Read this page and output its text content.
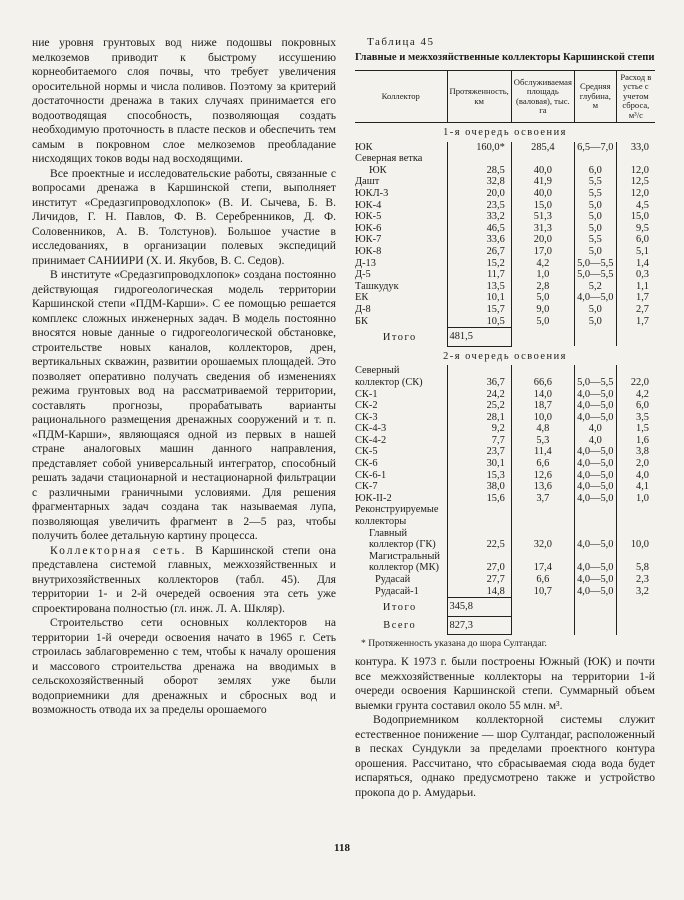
ние уровня грунтовых вод ниже подошвы покровных мелкоземов приводит к быстрому иссушению корнеобитаемого слоя почвы, что требует увеличения оросительной нормы и числа поливов. Поэтому за критерий достаточности дренажа в таких случаях принимается его водоотводящая способность, позволяющая создать необходимую проточность в пласте песков и обеспечить тем самым в покровном слое мелкоземов преобладание нисходящих токов воды над восходящими.

Все проектные и исследовательские работы, связанные с вопросами дренажа в Каршинской степи, выполняет институт «Средазгипроводхлопок» (В. И. Сычева, Б. В. Личидов, Г. Н. Павлов, Ф. В. Серебренников, Д. Ф. Соловенников, А. В. Толстунов). Большое участие в исследованиях, в организации полевых экспедиций принимает САНИИРИ (Х. И. Якубов, В. С. Седов).

В институте «Средазгипроводхлопок» создана постоянно действующая гидрогеологическая модель территории Каршинской степи «ПДМ-Карши». С ее помощью решается комплекс сложных инженерных задач. В модель постоянно вносятся новые данные о гидрогеологической обстановке, строительстве новых каналов, коллекторов, дрен, вертикальных скважин, развитии орошаемых площадей. Это позволяет оперативно получать сведения об изменениях режима грунтовых вод на рассматриваемой территории, составлять прогнозы, прорабатывать варианты рационального размещения дренажных сооружений и т. п. «ПДМ-Карши», являющаяся одной из первых в нашей стране аналоговых машин данного направления, представляет собой универсальный интегратор, способный решать задачи стационарной и нестационарной фильтрации с различными граничными условиями. Для решения фрагментарных задач создана так называемая лупа, позволяющая увеличить фрагмент в 2—5 раз, чтобы получить более детальную картину процесса.

Коллекторная сеть. В Каршинской степи она представлена системой главных, межхозяйственных и внутрихозяйственных коллекторов (табл. 45). Для территории 1- и 2-й очередей освоения эта сеть уже спроектирована полностью (гл. инж. Л. А. Шкляр).

Строительство сети основных коллекторов на территории 1-й очереди освоения начато в 1965 г. Сеть строилась заблаговременно с тем, чтобы к началу орошения и массового строительства дренажа на вводимых в сельскохозяйственный оборот землях уже были водоприемники для дренажных и сбросных вод и возможность отвода их за пределы орошаемого

Таблица 45
Главные и межхозяйственные коллекторы Каршинской степи
Коллектор	Протяженность, км	Обслуживаемая площадь (валовая), тыс. га	Средняя глубина, м	Расход в устье с учетом сброса, м³/с
1-я очередь освоения				
ЮК	160,0*	285,4	6,5—7,0	33,0
Северная ветка				
ЮК	28,5	40,0	6,0	12,0
Дашт	32,8	41,9	5,5	12,5
ЮКЛ-3	20,0	40,0	5,5	12,0
ЮК-4	23,5	15,0	5,0	4,5
ЮК-5	33,2	51,3	5,0	15,0
ЮК-6	46,5	31,3	5,0	9,5
ЮК-7	33,6	20,0	5,5	6,0
ЮК-8	26,7	17,0	5,0	5,1
Д-13	15,2	4,2	5,0—5,5	1,4
Д-5	11,7	1,0	5,0—5,5	0,3
Ташкудук	13,5	2,8	5,2	1,1
ЕК	10,1	5,0	4,0—5,0	1,7
Д-8	15,7	9,0	5,0	2,7
БК	10,5	5,0	5,0	1,7
Итого	481,5			
2-я очередь освоения				
Северный коллектор (СК)	36,7	66,6	5,0—5,5	22,0
СК-1	24,2	14,0	4,0—5,0	4,2
СК-2	25,2	18,7	4,0—5,0	6,0
СК-3	28,1	10,0	4,0—5,0	3,5
СК-4-3	9,2	4,8	4,0	1,5
СК-4-2	7,7	5,3	4,0	1,6
СК-5	23,7	11,4	4,0—5,0	3,8
СК-6	30,1	6,6	4,0—5,0	2,0
СК-6-1	15,3	12,6	4,0—5,0	4,0
СК-7	38,0	13,6	4,0—5,0	4,1
ЮК-II-2	15,6	3,7	4,0—5,0	1,0
Реконструируемые коллекторы				
Главный коллектор (ГК)	22,5	32,0	4,0—5,0	10,0
Магистральный коллектор (МК)	27,0	17,4	4,0—5,0	5,8
Рудасай	27,7	6,6	4,0—5,0	2,3
Рудасай-1	14,8	10,7	4,0—5,0	3,2
Итого	345,8			
Всего	827,3			
* Протяженность указана до шора Султандаг.

контура. К 1973 г. были построены Южный (ЮК) и почти все межхозяйственные коллекторы на территории 1-й очереди освоения Каршинской степи. Суммарный объем выемки грунта составил около 55 млн. м³.

Водоприемником коллекторной системы служит естественное понижение — шор Султандаг, расположенный в песках Сундукли за пределами проектного контура орошения. Рассчитано, что сбрасываемая сюда вода будет испаряться, однако предусмотрено также и устройство прокопа до р. Амударьи.

118
